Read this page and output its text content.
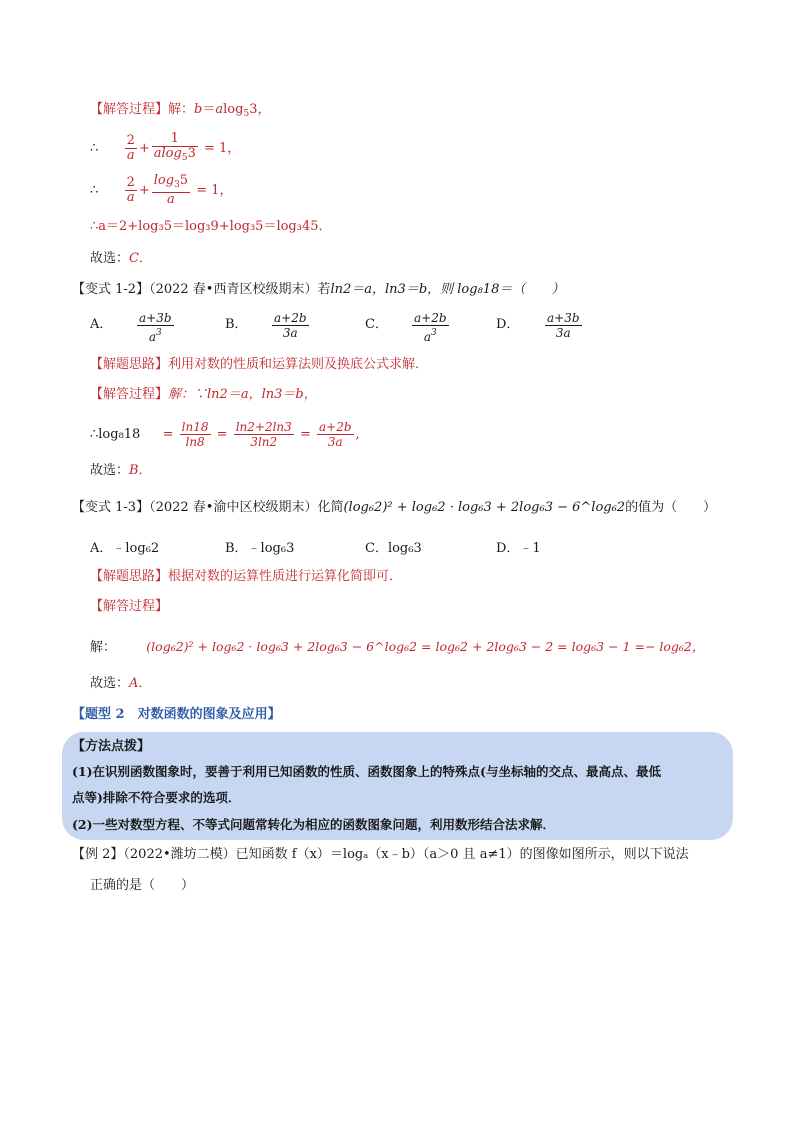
【解答过程】解：b＝alog$_5$3，
∴ $\frac{2}{a} + \frac{1}{alog_53} = 1$，
∴ $\frac{2}{a} + \frac{\log_35}{a} = 1$，
∴a＝2+log₃5＝log₃9+log₃5＝log₃45．
故选：C．
【变式 1-2】（2022 春•西青区校级期末）若ln2＝a，ln3＝b，则 log₈18＝（　　）
A． $\frac{a+3b}{a^3}$	B． $\frac{a+2b}{3a}$	C． $\frac{a+2b}{a^3}$	D． $\frac{a+3b}{3a}$
【解题思路】利用对数的性质和运算法则及换底公式求解．
【解答过程】解：∵ln2＝a，ln3＝b，
∴log₈18 = $\frac{\ln 18}{\ln 8} = \frac{\ln 2+2\ln 3}{3\ln 2} = \frac{a+2b}{3a}$ ,
故选：B．
【变式 1-3】（2022 春•渝中区校级期末）化简(log₆2)² + log₆2 · log₆3 + 2log₆3 − 6^log₆2的值为（　　）
A．﹣log₆2	B．﹣log₆3	C．log₆3	D．﹣1
【解题思路】根据对数的运算性质进行运算化简即可．
【解答过程】
解： (log₆2)² + log₆2 · log₆3 + 2log₆3 − 6^log₆2 = log₆2 + 2log₆3 − 2 = log₆3 − 1 =− log₆2，
故选：A．
【题型 2　对数函数的图象及应用】
【方法点拨】
(1)在识别函数图象时，要善于利用已知函数的性质、函数图象上的特殊点(与坐标轴的交点、最高点、最低
点等)排除不符合要求的选项．
(2)一些对数型方程、不等式问题常转化为相应的函数图象问题，利用数形结合法求解．
【例 2】（2022•潍坊二模）已知函数 f（x）＝logₐ（x﹣b）（a＞0 且 a≠1）的图像如图所示，则以下说法
正确的是（　　）
